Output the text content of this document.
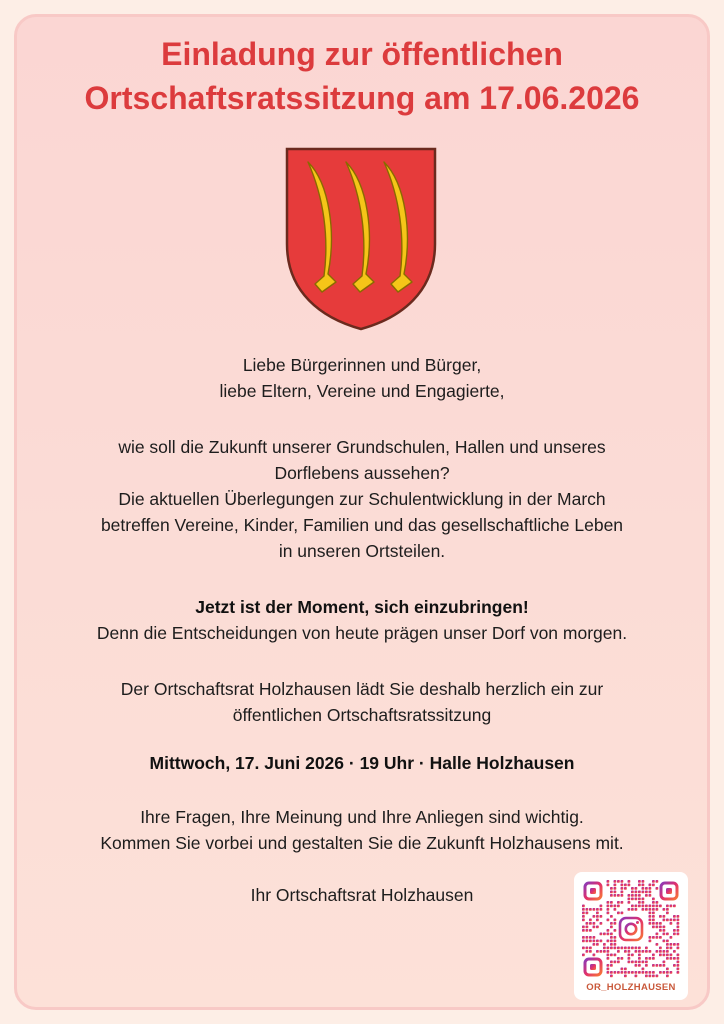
Einladung zur öffentlichen
Ortschaftsratssitzung am 17.06.2026

Liebe Bürgerinnen und Bürger,
liebe Eltern, Vereine und Engagierte,

wie soll die Zukunft unserer Grundschulen, Hallen und unseres
Dorflebens aussehen?
Die aktuellen Überlegungen zur Schulentwicklung in der March
betreffen Vereine, Kinder, Familien und das gesellschaftliche Leben
in unseren Ortsteilen.

Jetzt ist der Moment, sich einzubringen!
Denn die Entscheidungen von heute prägen unser Dorf von morgen.

Der Ortschaftsrat Holzhausen lädt Sie deshalb herzlich ein zur
öffentlichen Ortschaftsratssitzung

Mittwoch, 17. Juni 2026 · 19 Uhr · Halle Holzhausen

Ihre Fragen, Ihre Meinung und Ihre Anliegen sind wichtig.
Kommen Sie vorbei und gestalten Sie die Zukunft Holzhausens mit.

Ihr Ortschaftsrat Holzhausen

OR_HOLZHAUSEN
